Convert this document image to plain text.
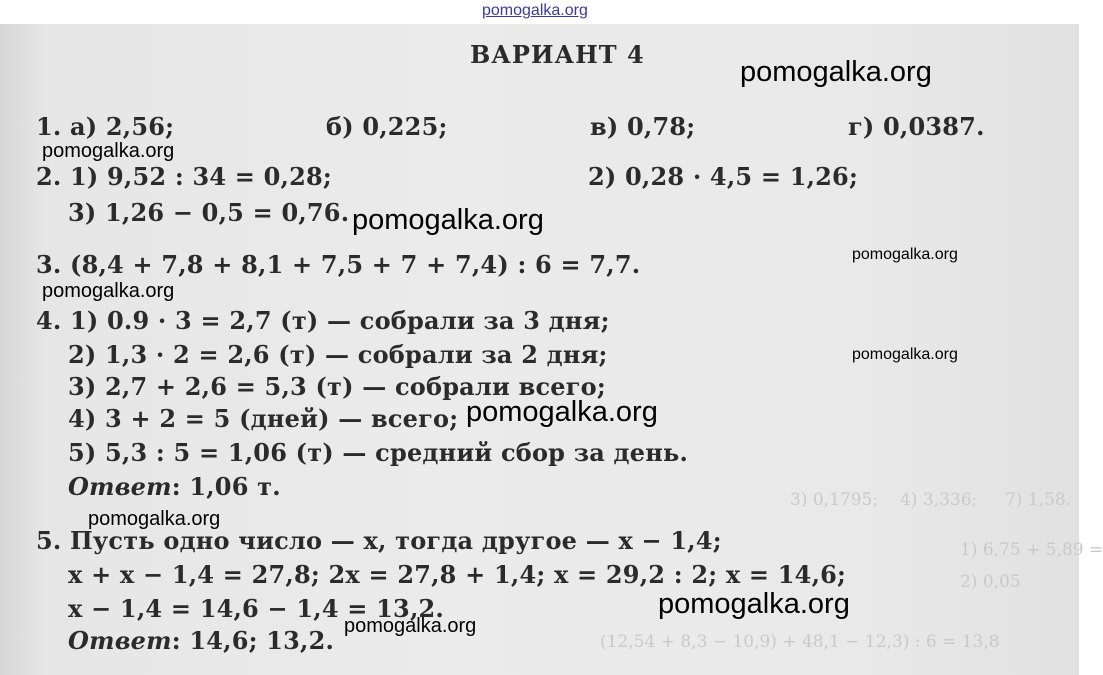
pomogalka.org
7) 1,58.
3) 0,1795; 4) 3,336;
1) 6,75 + 5,89 =
2) 0,05
(12,54 + 8,3 − 10,9) + 48,1 − 12,3) : 6 = 13,8
ВАРИАНТ 4
1. а) 2,56;	б) 0,225;	в) 0,78;	г) 0,0387.
2. 1) 9,52 : 34 = 0,28;	2) 0,28 · 4,5 = 1,26;
3) 1,26 − 0,5 = 0,76.
3. (8,4 + 7,8 + 8,1 + 7,5 + 7 + 7,4) : 6 = 7,7.
4. 1) 0.9 · 3 = 2,7 (т) — собрали за 3 дня;
2) 1,3 · 2 = 2,6 (т) — собрали за 2 дня;
3) 2,7 + 2,6 = 5,3 (т) — собрали всего;
4) 3 + 2 = 5 (дней) — всего;
5) 5,3 : 5 = 1,06 (т) — средний сбор за день.
Ответ: 1,06 т.
5. Пусть одно число — x, тогда другое — x − 1,4;
x + x − 1,4 = 27,8; 2x = 27,8 + 1,4; x = 29,2 : 2; x = 14,6;
x − 1,4 = 14,6 − 1,4 = 13,2.
Ответ: 14,6; 13,2.
pomogalka.org
pomogalka.org
pomogalka.org
pomogalka.org
pomogalka.org
pomogalka.org
pomogalka.org
pomogalka.org
pomogalka.org
pomogalka.org
